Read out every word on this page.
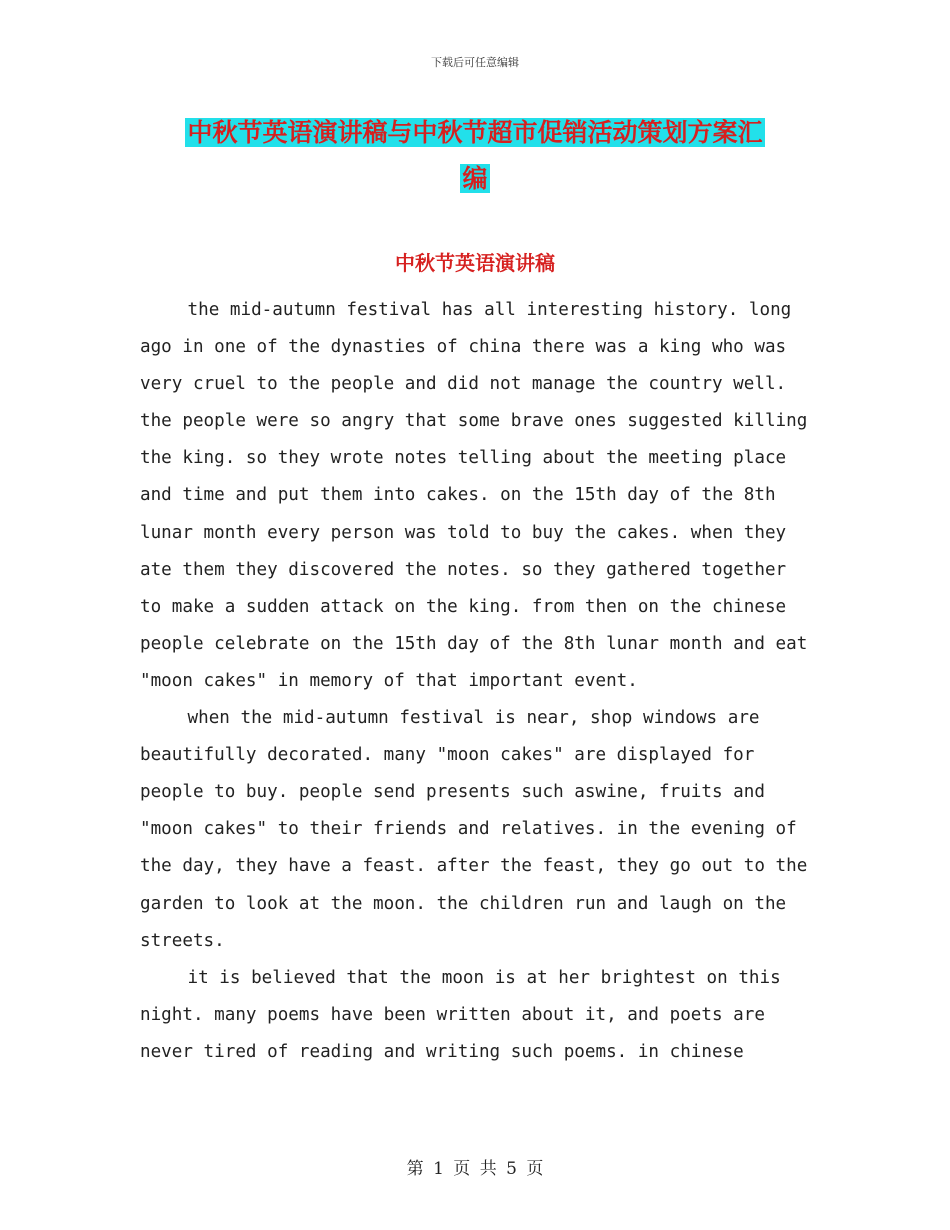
下载后可任意编辑
中秋节英语演讲稿与中秋节超市促销活动策划方案汇
编
中秋节英语演讲稿

the mid-autumn festival has all interesting history. long ago in one of the dynasties of china there was a king who was very cruel to the people and did not manage the country well. the people were so angry that some brave ones suggested killing the king. so they wrote notes telling about the meeting place and time and put them into cakes. on the 15th day of the 8th lunar month every person was told to buy the cakes. when they ate them they discovered the notes. so they gathered together to make a sudden attack on the king. from then on the chinese people celebrate on the 15th day of the 8th lunar month and eat "moon cakes" in memory of that important event.

when the mid-autumn festival is near, shop windows are beautifully decorated. many "moon cakes" are displayed for people to buy. people send presents such aswine, fruits and "moon cakes" to their friends and relatives. in the evening of the day, they have a feast. after the feast, they go out to the garden to look at the moon. the children run and laugh on the streets.

it is believed that the moon is at her brightest on this night. many poems have been written about it, and poets are never tired of reading and writing such poems. in chinese

第 1 页 共 5 页
